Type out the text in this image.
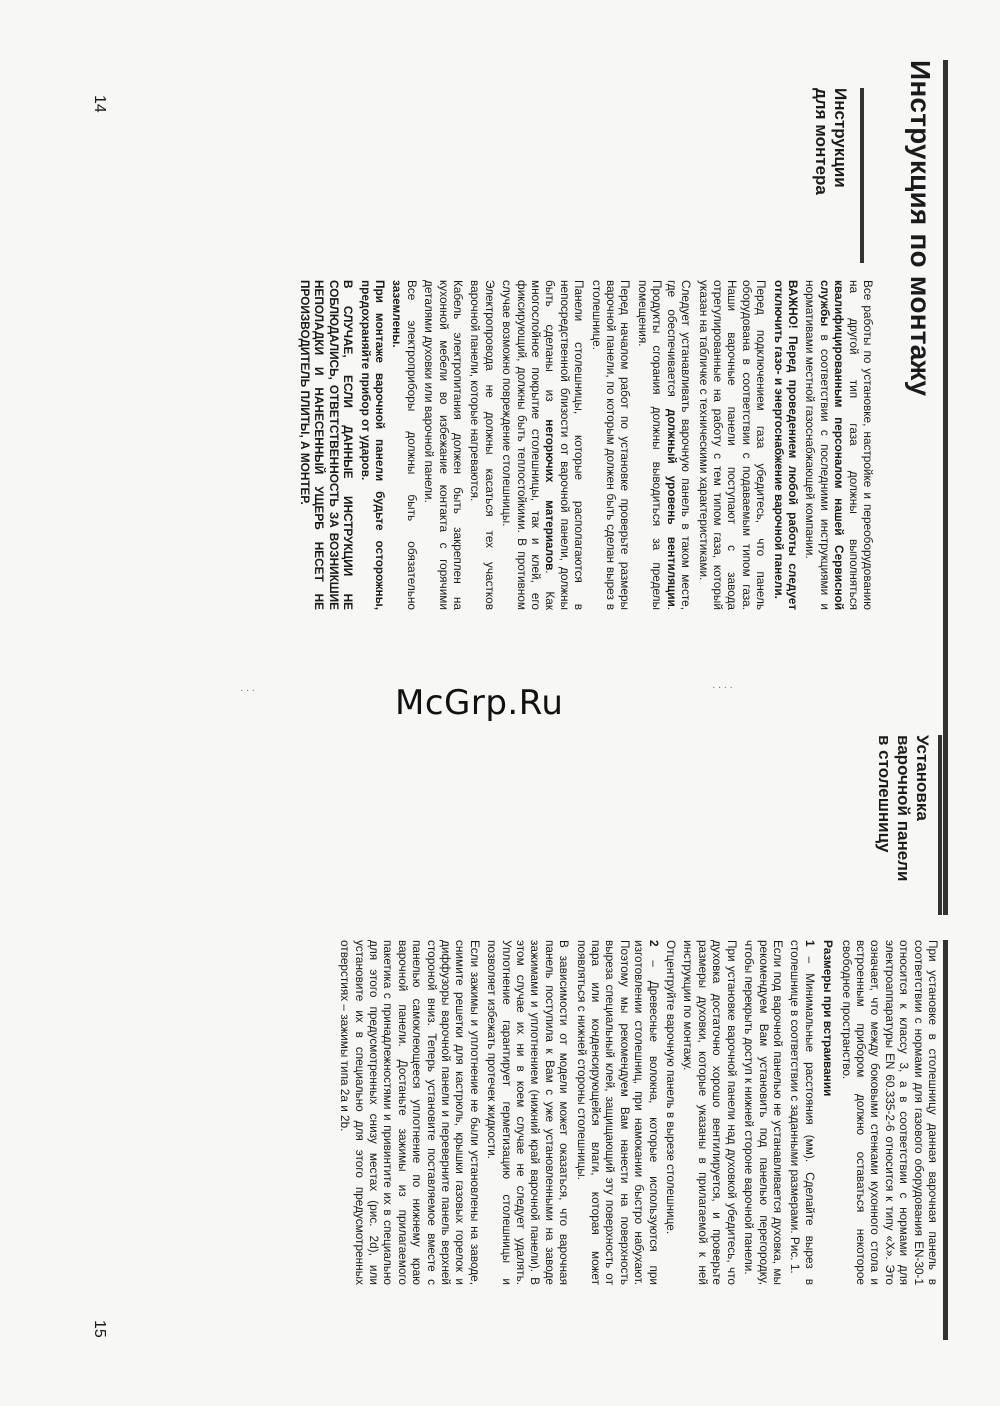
Инструкция по монтажу
Инструкции
для монтера
Установка
варочной панели
в столешницу

Все работы по установке, настройке и переоборудованию на другой тип газа должны выполняться квалифицированным персоналом нашей Сервисной службы в соответствии с последними инструкциями и нормативами местной газоснабжающей компании.

ВАЖНО! Перед проведением любой работы следует отключить газо- и энергоснабжение варочной панели.

Перед подключением газа убедитесь, что панель оборудована в соответствии с подаваемым типом газа. Наши варочные панели поступают с завода отрегулированные на работу с тем типом газа, который указан на табличке с техническими характеристиками.

Следует устанавливать варочную панель в таком месте, где обеспечивается должный уровень вентиляции. Продукты сгорания должны выводиться за пределы помещения.

Перед началом работ по установке проверьте размеры варочной панели, по которым должен быть сделан вырез в столешнице.

Панели столешницы, которые располагаются в непосредственной близости от варочной панели, должны быть сделаны из негорючих материалов. Как многослойное покрытие столешницы, так и клей, его фиксирующий, должны быть теплостойкими. В противном случае возможно повреждение столешницы.

Электропровода не должны касаться тех участков варочной панели, которые нагреваются.

Кабель электропитания должен быть закреплен на кухонной мебели во избежание контакта с горячими деталями духовки или варочной панели.

Все электроприборы должны быть обязательно заземлены.

При монтаже варочной панели будьте осторожны, предохраняйте прибор от ударов.

В СЛУЧАЕ, ЕСЛИ ДАННЫЕ ИНСТРУКЦИИ НЕ СОБЛЮДАЛИСЬ, ОТВЕТСТВЕННОСТЬ ЗА ВОЗНИКШИЕ НЕПОЛАДКИ И НАНЕСЕННЫЙ УЩЕРБ НЕСЕТ НЕ ПРОИЗВОДИТЕЛЬ ПЛИТЫ, А МОНТЕР.

При установке в столешницу данная варочная панель в соответствии с нормами для газового оборудования EN-30-1 относится к классу 3, а в соответствии с нормами для электроаппаратуры EN 60.335-2-6 относится к типу «Х». Это означает, что между боковыми стенками кухонного стола и встроенным прибором должно оставаться некоторое свободное пространство.

Размеры при встраивании

1 – Минимальные расстояния (мм). Сделайте вырез в столешнице в соответствии с заданными размерами. Рис. 1.

Если под варочной панелью не устанавливается духовка, мы рекомендуем Вам установить под панелью перегородку, чтобы перекрыть доступ к нижней стороне варочной панели.

При установке варочной панели над духовкой убедитесь, что духовка достаточно хорошо вентилируется, и проверьте размеры духовки, которые указаны в прилагаемой к ней инструкции по монтажу.

Отцентруйте варочную панель в вырезе столешнице.

2 – Древесные волокна, которые используются при изготовлении столешниц, при намокании быстро набухают. Поэтому мы рекомендуем Вам нанести на поверхность выреза специальный клей, защищающий эту поверхность от пара или конденсирующейся влаги, которая может появляться с нижней стороны столешницы.

В зависимости от модели может оказаться, что варочная панель поступила к Вам с уже установленными на заводе зажимами и уплотнением (нижний край варочной панели). В этом случае их ни в коем случае не следует удалять. Уплотнение гарантирует герметизацию столешницы и позволяет избежать протечек жидкости.

Если зажимы и уплотнение не были установлены на заводе, снимите решетки для кастрюль, крышки газовых горелок и диффузоры варочной панели и переверните панель верхней стороной вниз. Теперь установите поставляемое вместе с панелью самоклеющееся уплотнение по нижнему краю варочной панели. Достаньте зажимы из прилагаемого пакетика с принадлежностями и привинтите их в специально для этого предусмотренных снизу местах (рис. 2d), или установите их в специально для этого предусмотренных отверстиях – зажимы типа 2а и 2b.

14
15
McGrp.Ru
· · ·	· · · ·
